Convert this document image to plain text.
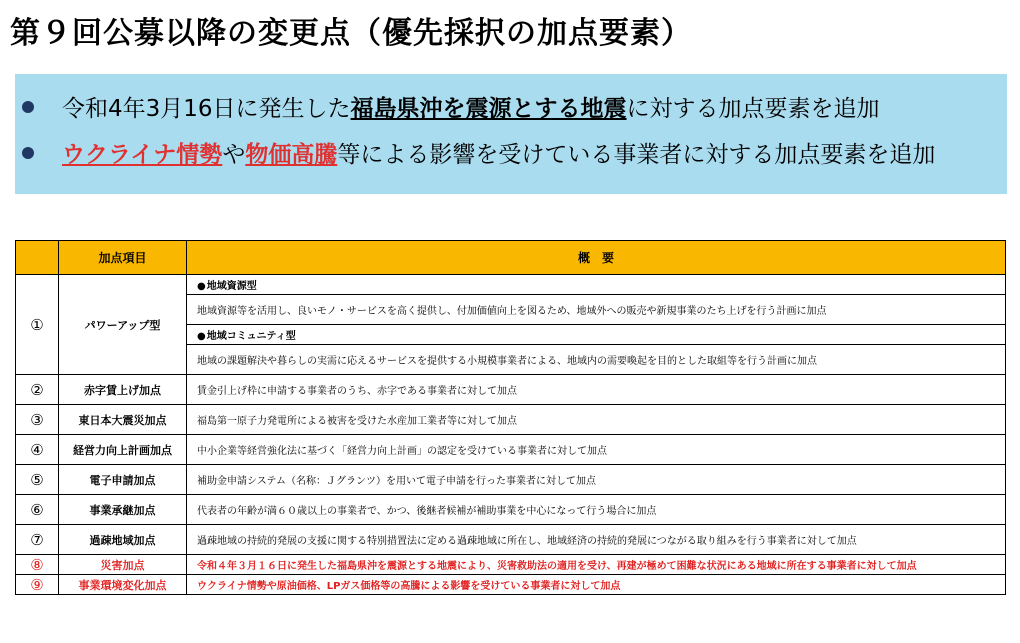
第９回公募以降の変更点（優先採択の加点要素）
令和4年3月16日に発生した 福島県沖を震源とする地震 に対する加点要素を追加
ウクライナ情勢 や 物価高騰 等による影響を受けている事業者に対する加点要素を追加
	加点項目	概　要
①	パワーアップ型	● 地域資源型
		地域資源等を活用し、良いモノ・サービスを高く提供し、付加価値向上を図るため、地域外への販売や新規事業のたち上げを行う計画に加点
		● 地域コミュニティ型
		地域の課題解決や暮らしの実需に応えるサービスを提供する小規模事業者による、地域内の需要喚起を目的とした取組等を行う計画に加点
②	赤字賃上げ加点	賃金引上げ枠に申請する事業者のうち、赤字である事業者に対して加点
③	東日本大震災加点	福島第一原子力発電所による被害を受けた水産加工業者等に対して加点
④	経営力向上計画加点	中小企業等経営強化法に基づく「経営力向上計画」の認定を受けている事業者に対して加点
⑤	電子申請加点	補助金申請システム（名称：Ｊグランツ）を用いて電子申請を行った事業者に対して加点
⑥	事業承継加点	代表者の年齢が満６０歳以上の事業者で、かつ、後継者候補が補助事業を中心になって行う場合に加点
⑦	過疎地域加点	過疎地域の持続的発展の支援に関する特別措置法に定める過疎地域に所在し、地域経済の持続的発展につながる取り組みを行う事業者に対して加点
⑧	災害加点	令和４年３月１６日に発生した福島県沖を震源とする地震により、災害救助法の適用を受け、再建が極めて困難な状況にある地域に所在する事業者に対して加点
⑨	事業環境変化加点	ウクライナ情勢や原油価格、LPガス価格等の高騰による影響を受けている事業者に対して加点
